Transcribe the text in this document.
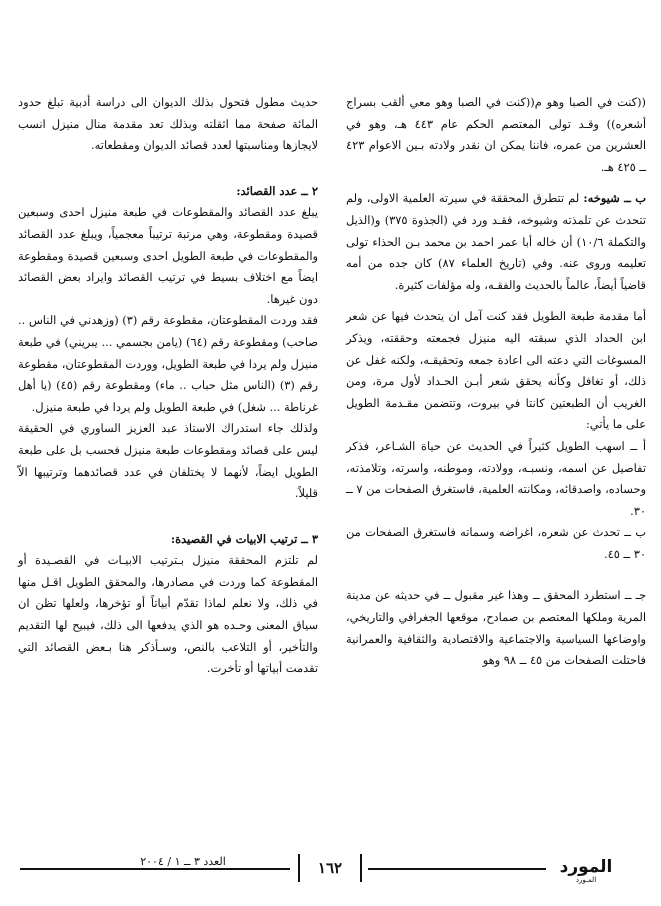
((كنت في الصبا وهو م((كنت في الصبا وهو معي ألقب بسراج أشعره)) وقـد تولى المعتصم الحكم عام ٤٤٣ هـ، وهو في العشرين من عمره، فاننا يمكن ان نقدر ولادته بـين الاعوام ٤٢٣ ــ ٤٢٥ هـ.

ب ــ شيوخه: لم تتطرق المحققة في سيرته العلمية الاولى، ولم تتحدث عن تلمذته وشيوخه، فقـد ورد في (الجذوة ٣٧٥) و(الذيل والتكملة ١٠/٦) أن خاله أبا عمر احمد بن محمد بـن الحذاء تولى تعليمه وروى عنه. وفي (تاريخ العلماء ٨٧) كان جده من أمه قاضياً أيضاً، عالماً بالحديث والفقـه، وله مؤلفات كثيرة.

أما مقدمة طبعة الطويل فقد كنت آمل ان يتحدث فيها عن شعر ابن الحداد الذي سبقته اليه منيزل فجمعته وحققته، ويذكر المسوغات التي دعته الى اعادة جمعه وتحقيقـه، ولكنه غفل عن ذلك، أو تغافل وكأنه يحقق شعر أبـن الحـداد لأول مرة، ومن الغريب أن الطبعتين كانتا في بيروت، وتتضمن مقـدمة الطويل على ما يأتي:

أ ــ اسهب الطويل كثيراً في الحديث عن حياة الشـاعر، فذكر تفاصيل عن اسمه، ونسبـه، وولادته، وموطنه، واسرته، وتلامذته، وحساده، واصدقائه، ومكانته العلمية، فاستغرق الصفحات من ٧ ــ ٣٠.

ب ــ تحدث عن شعره، اغراضه وسماته فاستغرق الصفحات من ٣٠ ــ ٤٥.

جـ ــ استطرد المحقق ــ وهذا غير مقبول ــ في حديثه عن مدينة المرية وملكها المعتصم بن صمادح، موقعها الجغرافي والتاريخي، واوضاعها السياسية والاجتماعية والاقتصادية والثقافية والعمرانية فاحتلت الصفحات من ٤٥ ــ ٩٨ وهو

حديث مطول فتحول بذلك الديوان الى دراسة أدبية تبلغ حدود المائة صفحة مما اثقلته وبذلك تعد مقدمة منال منيزل انسب لايجازها ومناسبتها لعدد قصائد الديوان ومقطعاته.

٢ ــ عدد القصائد:

يبلغ عدد القصائد والمقطوعات في طبعة منيزل احدى وسبعين قصيدة ومقطوعة، وهي مرتبة ترتيباً معجمياً، ويبلغ عدد القصائد والمقطوعات في طبعة الطويل احدى وسبعين قصيدة ومقطوعة ايضاً مع اختلاف بسيط في ترتيب القصائد وايراد بعض القصائد دون غيرها.

فقد وردت المقطوعتان، مقطوعة رقم (٣) (وزهدني في الناس .. صاحب) ومقطوعة رقم (٦٤) (يامن بجسمي ... يبريني) في طبعة منيزل ولم يردا في طبعة الطويل، ووردت المقطوعتان، مقطوعة رقم (٣) (الناس مثل حباب .. ماء) ومقطوعة رقم (٤٥) (يا أهل غرناطة ... شغل) في طبعة الطويل ولم يردا في طبعة منيزل.

ولذلك جاء استدراك الاستاذ عبد العزيز الساوري في الحقيقة ليس على قصائد ومقطوعات طبعة منيزل فحسب بل على طبعة الطويل ايضاً، لأنهما لا يختلفان في عدد قصائدهما وترتيبها الاّ قليلاً.

٣ ــ ترتيب الابيات في القصيدة:

لم تلتزم المحققة منيزل بـترتيب الابيـات في القصـيدة أو المقطوعة كما وردت في مصادرها، والمحقق الطويل اقـل منها في ذلك، ولا نعلم لماذا تقدّم أبياتاً أو تؤخرها، ولعلها تظن ان سياق المعنى وحـده هو الذي يدفعها الى ذلك، فيبيح لها التقديم والتأخير، أو التلاعب بالنص، وسـأذكر هنا بـعض القصائد التي تقدمت أبياتها أو تأخرت.

المورد
المـورد
١٦٢
العدد ٣ ــ ١ / ٢٠٠٤
